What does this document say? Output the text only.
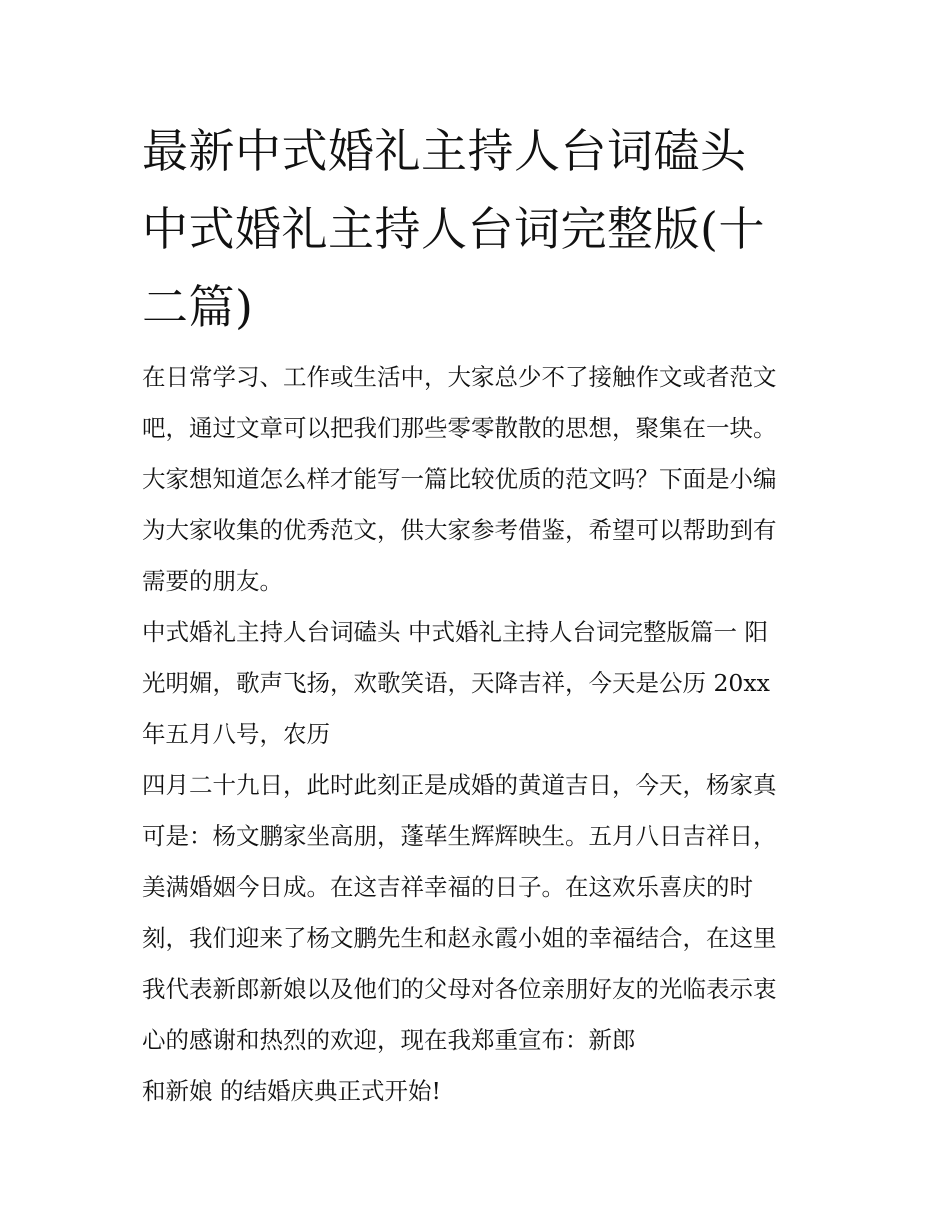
最新中式婚礼主持人台词磕头
中式婚礼主持人台词完整版(十
二篇)
在日常学习、工作或生活中，大家总少不了接触作文或者范文
吧，通过文章可以把我们那些零零散散的思想，聚集在一块。
大家想知道怎么样才能写一篇比较优质的范文吗？下面是小编
为大家收集的优秀范文，供大家参考借鉴，希望可以帮助到有
需要的朋友。
中式婚礼主持人台词磕头 中式婚礼主持人台词完整版篇一 阳
光明媚，歌声飞扬，欢歌笑语，天降吉祥，今天是公历 20xx
年五月八号，农历
四月二十九日，此时此刻正是成婚的黄道吉日，今天，杨家真
可是：杨文鹏家坐高朋，蓬荜生辉辉映生。五月八日吉祥日，
美满婚姻今日成。在这吉祥幸福的日子。在这欢乐喜庆的时
刻，我们迎来了杨文鹏先生和赵永霞小姐的幸福结合，在这里
我代表新郎新娘以及他们的父母对各位亲朋好友的光临表示衷
心的感谢和热烈的欢迎，现在我郑重宣布：新郎
和新娘 的结婚庆典正式开始!
